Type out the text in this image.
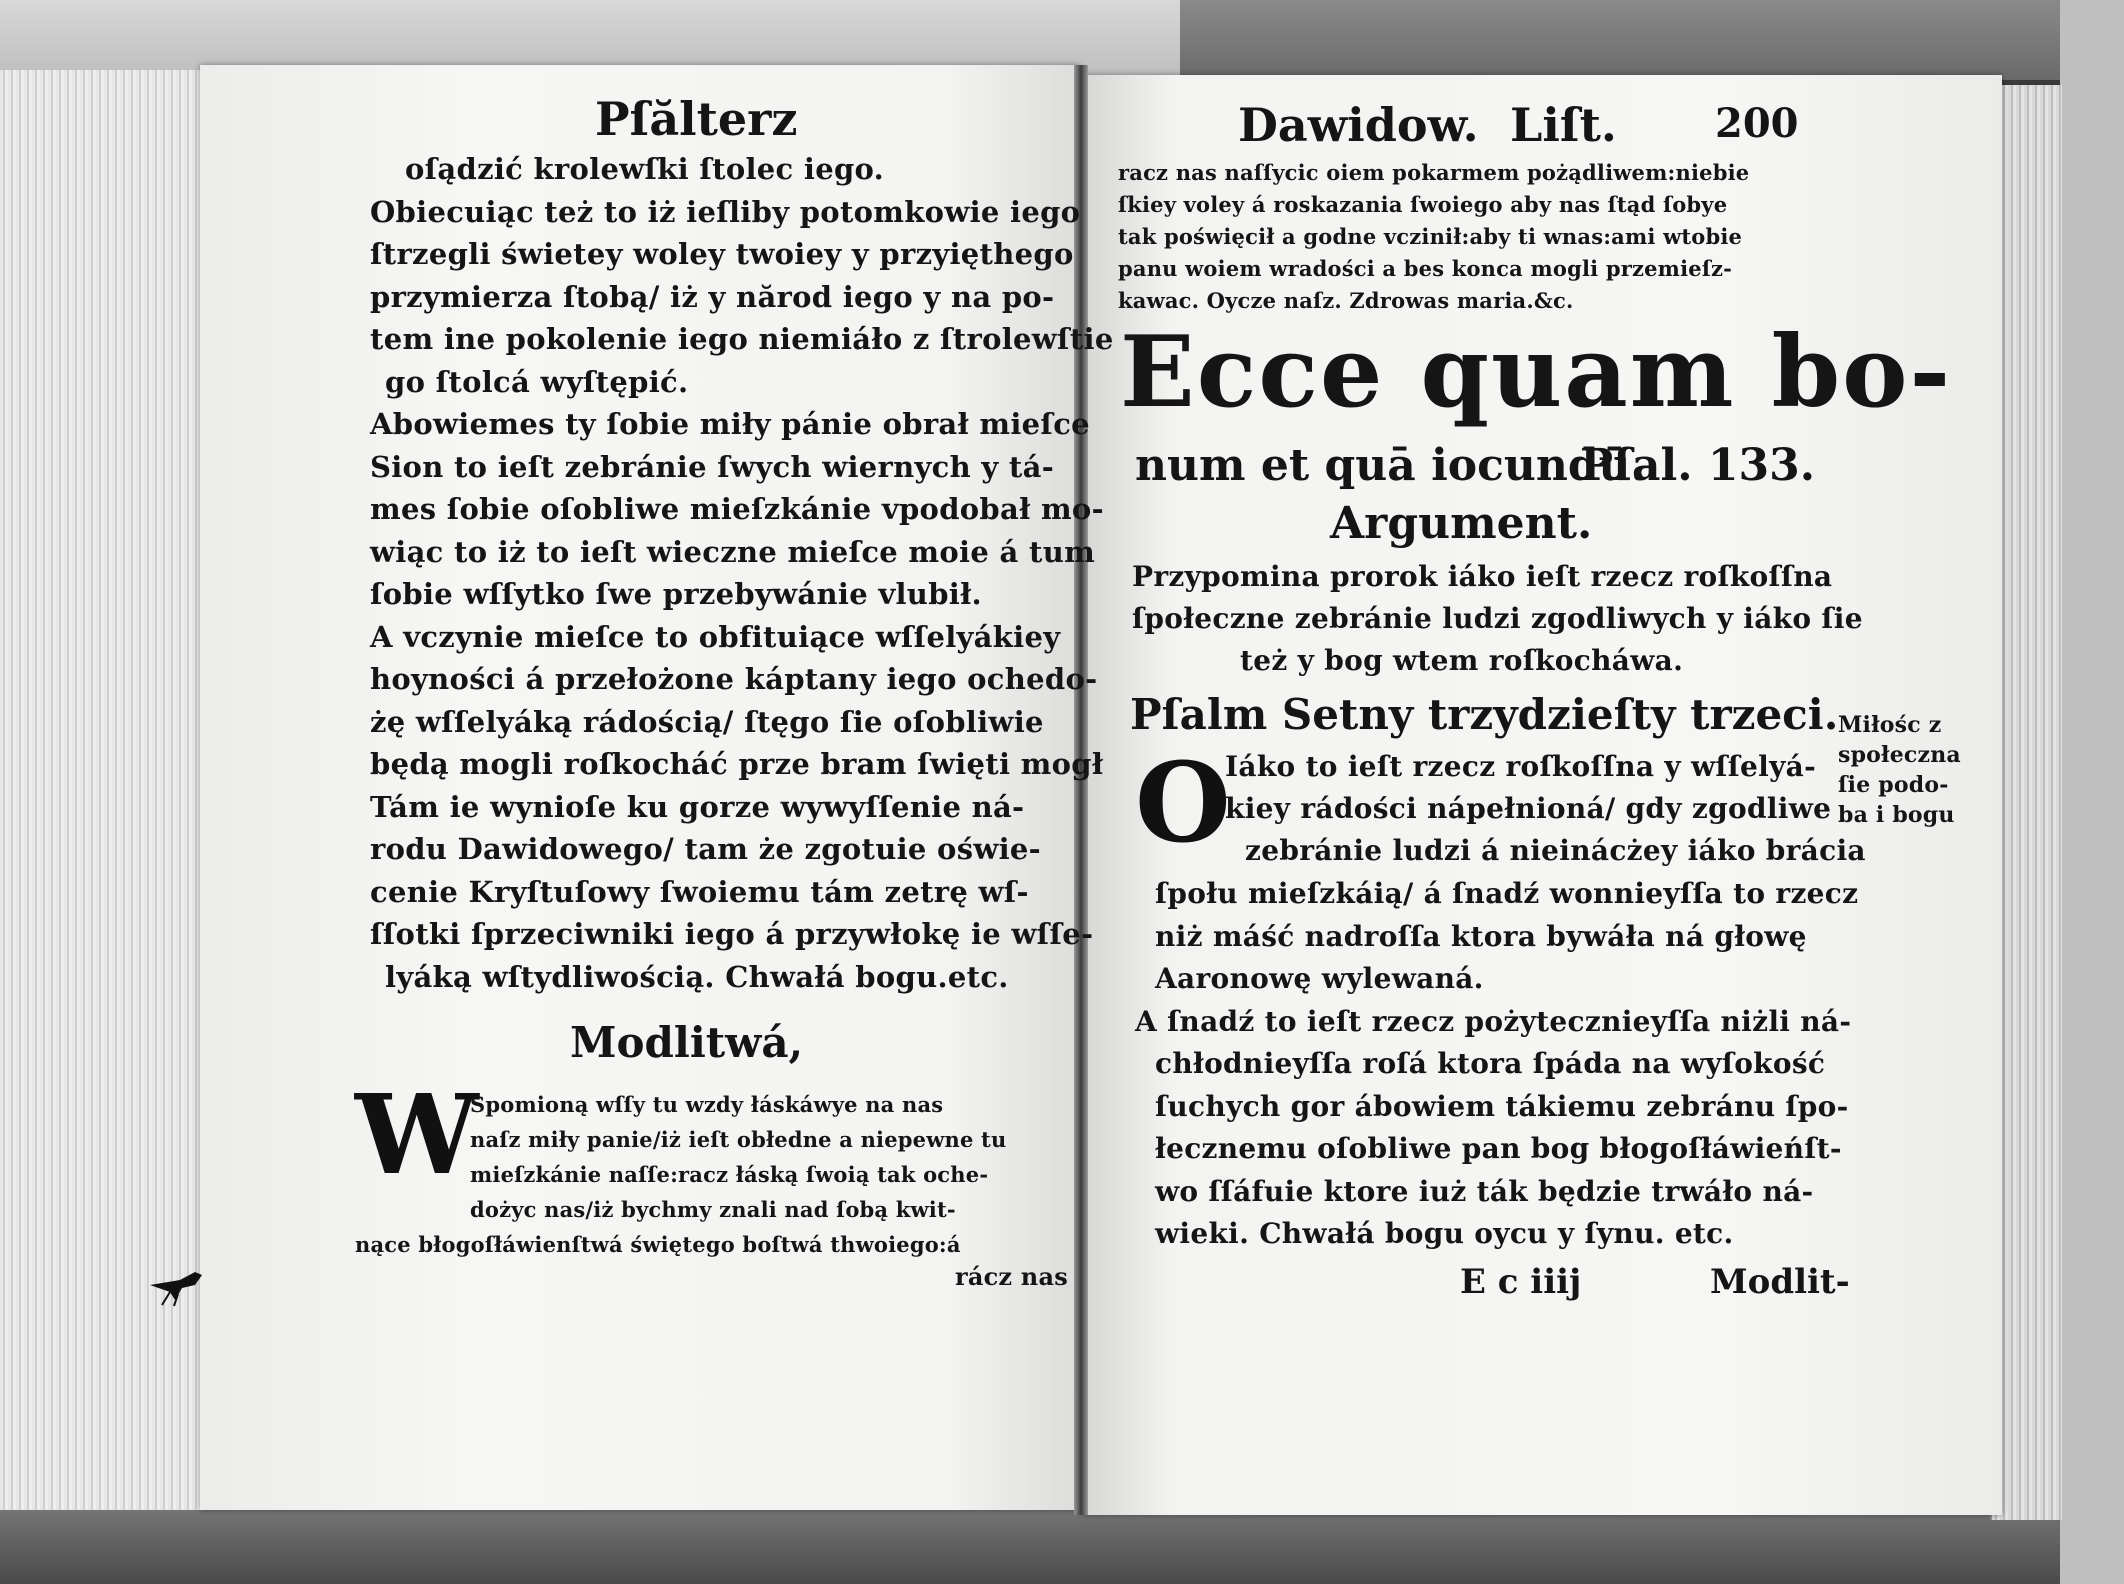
Pſălterz
oſądzić krolewſki ſtolec iego.
Obiecuiąc też to iż ieſliby potomkowie iego
ſtrzegli świetey woley twoiey y przyięthego
przymierza ſtobą/ iż y nărod iego y na po-
tem ine pokolenie iego niemiáło z ſtrolewſtie
go ſtolcá wyſtępić.
Abowiemes ty ſobie miły pánie obrał mieſce
Sion to ieſt zebránie ſwych wiernych y tá-
mes ſobie oſobliwe mieſzkánie vpodobał mo-
wiąc to iż to ieſt wieczne mieſce moie á tum
ſobie wſſytko ſwe przebywánie vlubił.
A vczynie mieſce to obfituiące wſſelyákiey
hoyności á przełożone káptany iego ochedo-
żę wſſelyáką rádością/ ſtęgo ſie oſobliwie
będą mogli roſkocháć prze bram ſwięti mogł
Tám ie wynioſe ku gorze wywyſſenie ná-
rodu Dawidowego/ tam że zgotuie oświe-
cenie Kryſtuſowy ſwoiemu tám zetrę wſ-
ſſotki ſprzeciwniki iego á przywłokę ie wſſe-
lyáką wſtydliwością. Chwałá bogu.etc.
Modlitwá,
W
Spomioną wſſy tu wzdy łáskáwye na nas
naſz miły panie/iż ieſt obłedne a niepewne tu
mieſzkánie naſſe:racz łáską ſwoią tak oche-
dożyc nas/iż bychmy znali nad ſobą kwit-
nące błogoſłáwienſtwá świętego boſtwá thwoiego:á
rácz nas
Dawidow. Liſt. 200
racz nas naſſycic oiem pokarmem pożądliwem:niebie
ſkiey voley á roskazania ſwoiego aby nas ſtąd ſobye
tak poświęcił a godne vczinił:aby ti wnas:ami wtobie
panu woiem wradości a bes konca mogli przemieſz-
kawac. Oycze naſz. Zdrowas maria.&c.
Ecce quam bo-
num et quā iocundū.
Pſal. 133.
Argument.
Przypomina prorok iáko ieſt rzecz roſkoſſna
ſpołeczne zebránie ludzi zgodliwych y iáko ſie
też y bog wtem roſkocháwa.
Pſalm Setny trzydzieſty trzeci.
O
Iáko to ieſt rzecz roſkoſſna y wſſelyá-
kiey rádości nápełnioná/ gdy zgodliwe
zebránie ludzi á nieinácżey iáko brácia
ſpołu mieſzkáią/ á ſnadź wonnieyſſa to rzecz
niż máść nadroſſa ktora bywáła ná głowę
Aaronowę wylewaná.
A ſnadź to ieſt rzecz pożytecznieyſſa niżli ná-
chłodnieyſſa roſá ktora ſpáda na wyſokość
ſuchych gor ábowiem tákiemu zebránu ſpo-
łecznemu oſobliwe pan bog błogoſłáwieńſt-
wo ſſáfuie ktore iuż ták będzie trwáło ná-
wieki. Chwałá bogu oycu y ſynu. etc.
E c iiij	Modlit-
Miłośc z
społeczna
ſie podo-
ba i bogu
